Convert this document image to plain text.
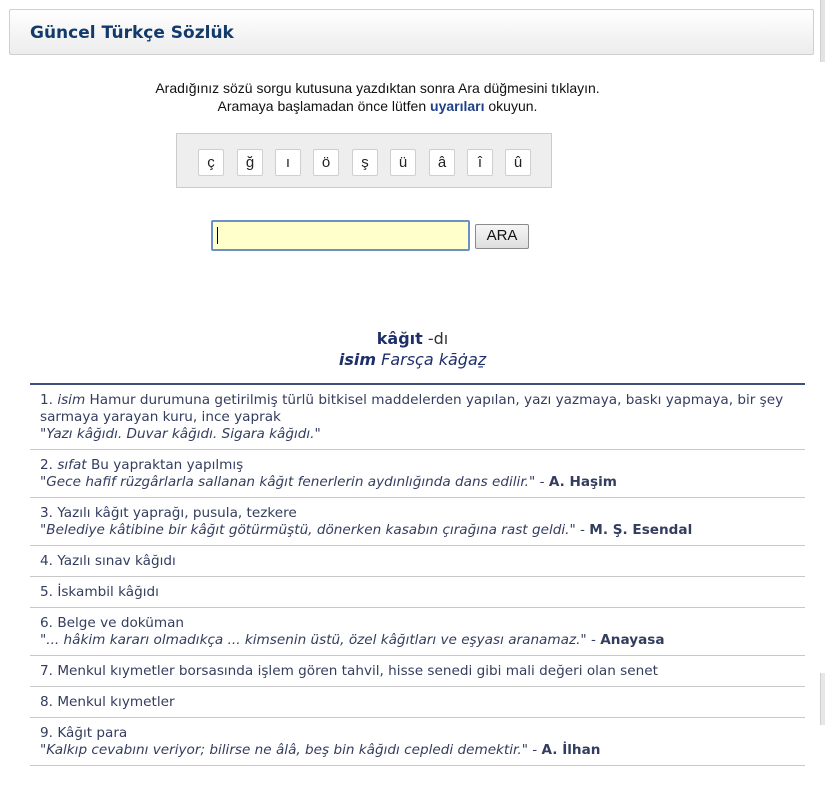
Güncel Türkçe Sözlük
Aradığınız sözü sorgu kutusuna yazdıktan sonra Ara düğmesini tıklayın.
Aramaya başlamadan önce lütfen uyarıları okuyun.
ç	ğ	ı	ö	ş	ü	â	î	û
ARA
kâğıt -dı
isim Farsça kāġaẕ
1. isim Hamur durumuna getirilmiş türlü bitkisel maddelerden yapılan, yazı yazmaya, baskı yapmaya, bir şey sarmaya yarayan kuru, ince yaprak
"Yazı kâğıdı. Duvar kâğıdı. Sigara kâğıdı."
2. sıfat Bu yapraktan yapılmış
"Gece hafif rüzgârlarla sallanan kâğıt fenerlerin aydınlığında dans edilir." - A. Haşim
3. Yazılı kâğıt yaprağı, pusula, tezkere
"Belediye kâtibine bir kâğıt götürmüştü, dönerken kasabın çırağına rast geldi." - M. Ş. Esendal
4. Yazılı sınav kâğıdı
5. İskambil kâğıdı
6. Belge ve doküman
"... hâkim kararı olmadıkça ... kimsenin üstü, özel kâğıtları ve eşyası aranamaz." - Anayasa
7. Menkul kıymetler borsasında işlem gören tahvil, hisse senedi gibi mali değeri olan senet
8. Menkul kıymetler
9. Kâğıt para
"Kalkıp cevabını veriyor; bilirse ne âlâ, beş bin kâğıdı cepledi demektir." - A. İlhan
